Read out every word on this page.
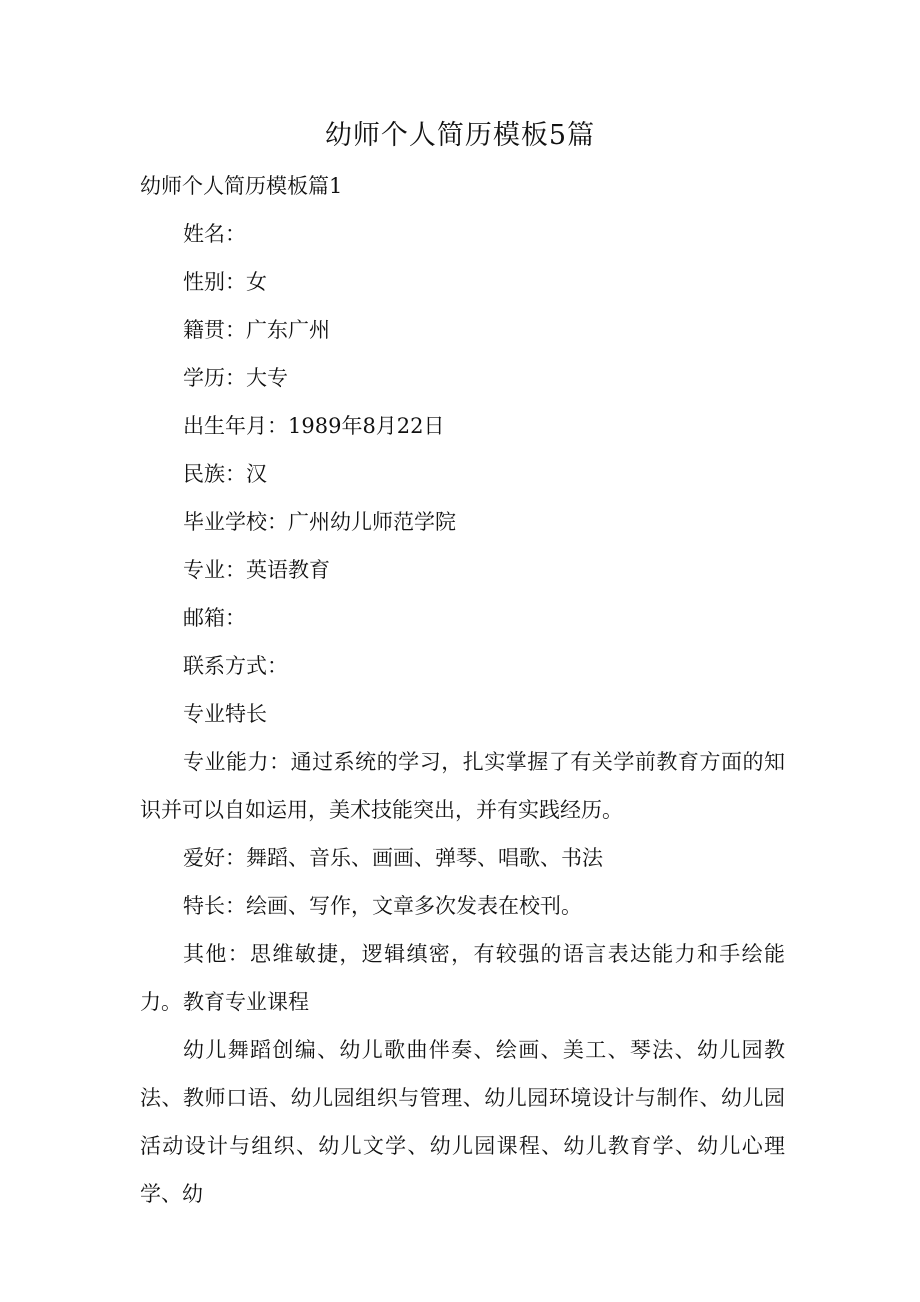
幼师个人简历模板5篇
幼师个人简历模板篇1

姓名：

性别：女

籍贯：广东广州

学历：大专

出生年月：1989年8月22日

民族：汉

毕业学校：广州幼儿师范学院

专业：英语教育

邮箱：

联系方式：

专业特长

专业能力：通过系统的学习，扎实掌握了有关学前教育方面的知识并可以自如运用，美术技能突出，并有实践经历。

爱好：舞蹈、音乐、画画、弹琴、唱歌、书法

特长：绘画、写作，文章多次发表在校刊。

其他：思维敏捷，逻辑缜密，有较强的语言表达能力和手绘能力。 教育专业课程

幼儿舞蹈创编、幼儿歌曲伴奏、绘画、美工、琴法、幼儿园教法、教师口语、幼儿园组织与管理、幼儿园环境设计与制作、幼儿园活动设计与组织、幼儿文学、幼儿园课程、幼儿教育学、幼儿心理学、幼
